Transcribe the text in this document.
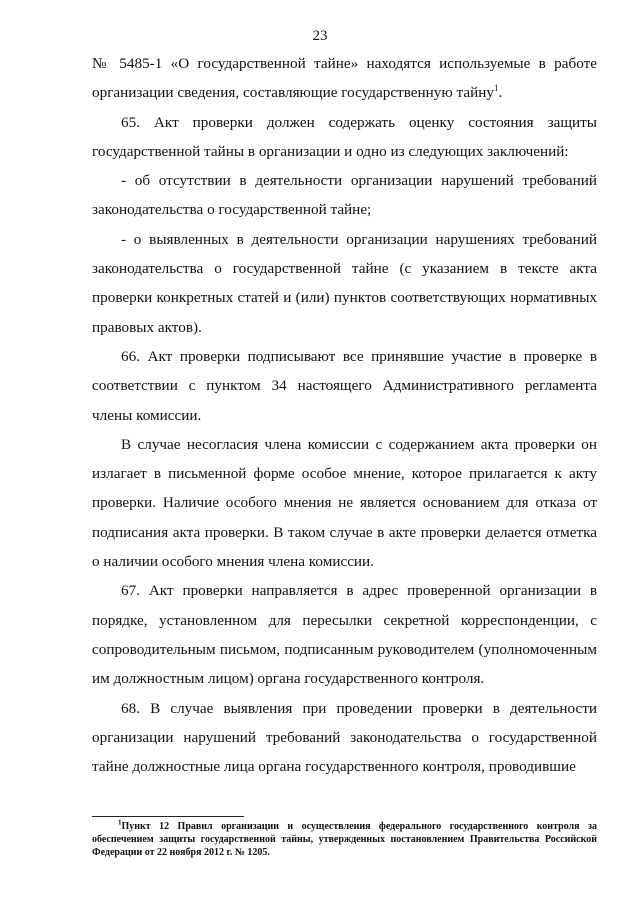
23

№ 5485-1 «О государственной тайне» находятся используемые в работе организации сведения, составляющие государственную тайну$^1$.

65. Акт проверки должен содержать оценку состояния защиты государственной тайны в организации и одно из следующих заключений:

- об отсутствии в деятельности организации нарушений требований законодательства о государственной тайне;

- о выявленных в деятельности организации нарушениях требований законодательства о государственной тайне (с указанием в тексте акта проверки конкретных статей и (или) пунктов соответствующих нормативных правовых актов).

66. Акт проверки подписывают все принявшие участие в проверке в соответствии с пунктом 34 настоящего Административного регламента члены комиссии.

В случае несогласия члена комиссии с содержанием акта проверки он излагает в письменной форме особое мнение, которое прилагается к акту проверки. Наличие особого мнения не является основанием для отказа от подписания акта проверки. В таком случае в акте проверки делается отметка о наличии особого мнения члена комиссии.

67. Акт проверки направляется в адрес проверенной организации в порядке, установленном для пересылки секретной корреспонденции, с сопроводительным письмом, подписанным руководителем (уполномоченным им должностным лицом) органа государственного контроля.

68. В случае выявления при проведении проверки в деятельности организации нарушений требований законодательства о государственной тайне должностные лица органа государственного контроля, проводившие

$^1$Пункт 12 Правил организации и осуществления федерального государственного контроля за обеспечением защиты государственной тайны, утвержденных постановлением Правительства Российской Федерации от 22 ноября 2012 г. № 1205.
